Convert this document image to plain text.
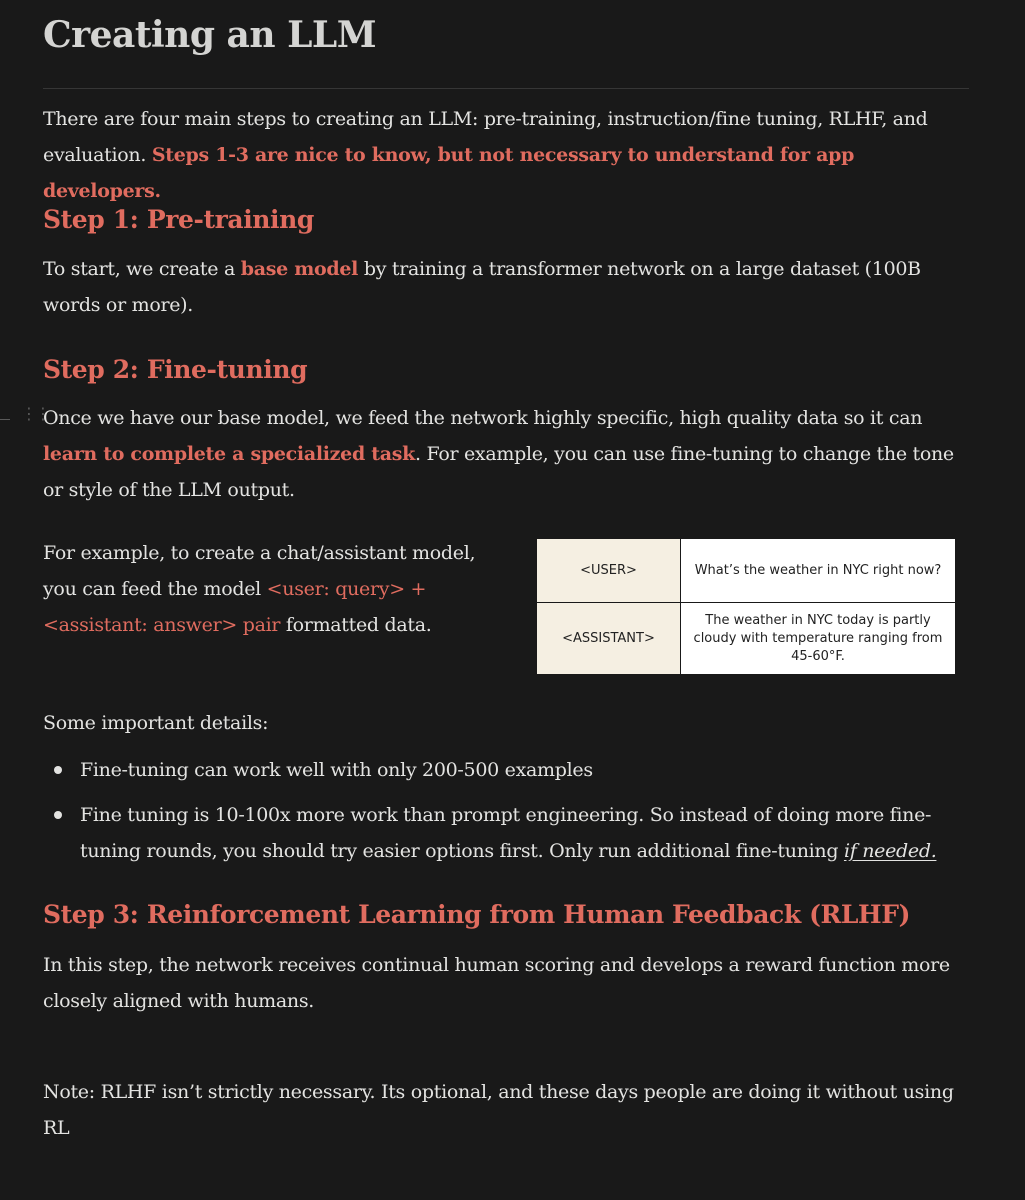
Creating an LLM

There are four main steps to creating an LLM: pre-training, instruction/fine tuning, RLHF, and evaluation. Steps 1-3 are nice to know, but not necessary to understand for app developers.

Step 1: Pre-training

To start, we create a base model by training a transformer network on a large dataset (100B words or more).

Step 2: Fine-tuning
⋮⋮

Once we have our base model, we feed the network highly specific, high quality data so it can learn to complete a specialized task. For example, you can use fine-tuning to change the tone or style of the LLM output.

For example, to create a chat/assistant model, you can feed the model <user: query> + <assistant: answer> pair formatted data.

<USER>	What’s the weather in NYC right now?
<ASSISTANT>	The weather in NYC today is partly cloudy with temperature ranging from 45-60°F.

Some important details:

Fine-tuning can work well with only 200-500 examples
Fine tuning is 10-100x more work than prompt engineering. So instead of doing more fine-tuning rounds, you should try easier options first. Only run additional fine-tuning if needed.
Step 3: Reinforcement Learning from Human Feedback (RLHF)

In this step, the network receives continual human scoring and develops a reward function more closely aligned with humans.

Note: RLHF isn’t strictly necessary. Its optional, and these days people are doing it without using RL
